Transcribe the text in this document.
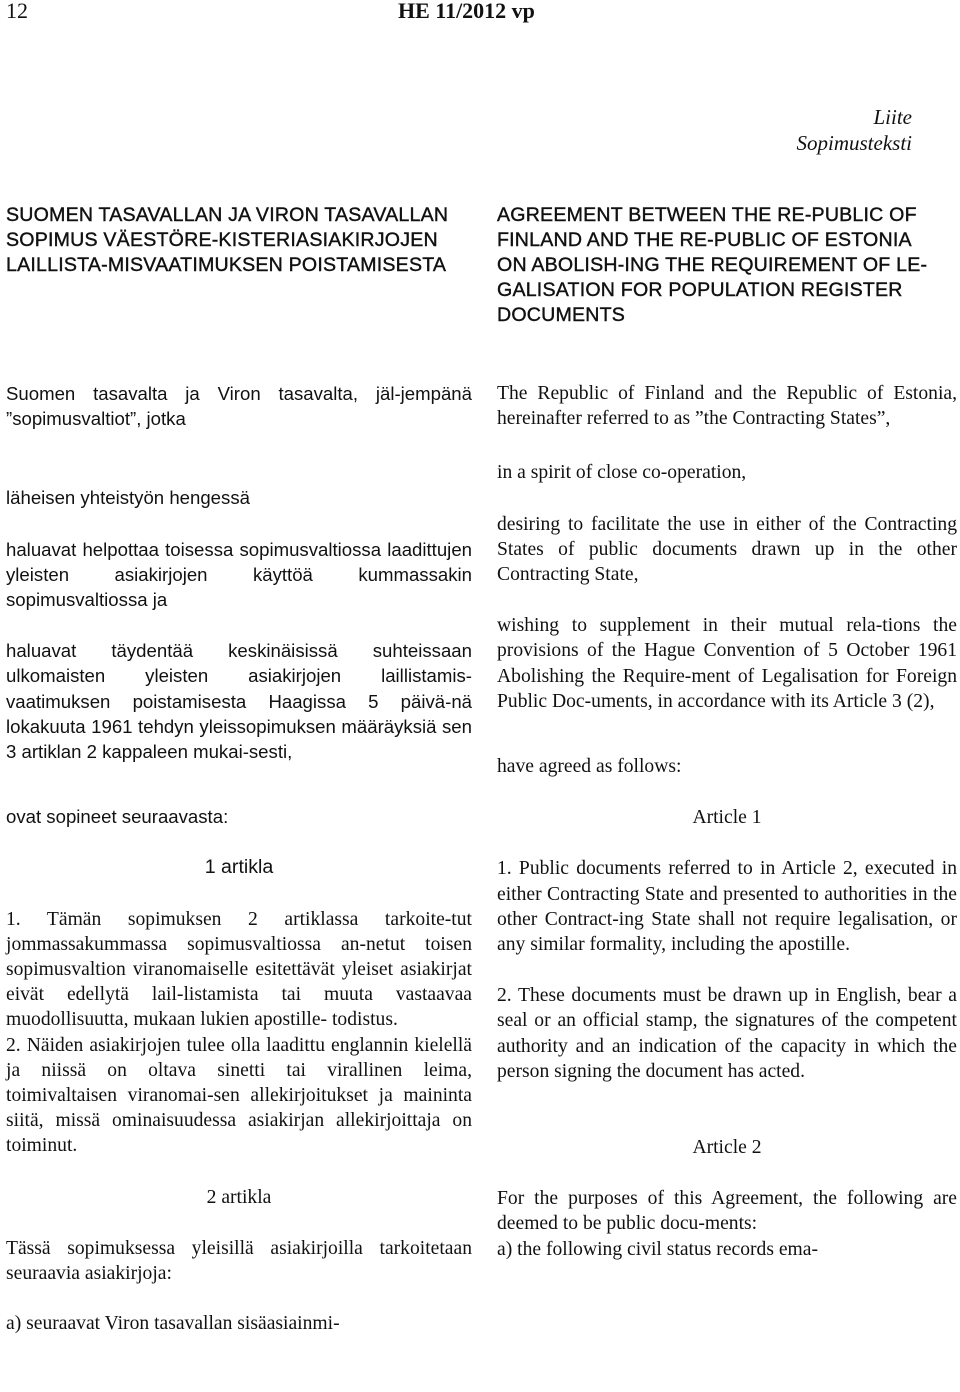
12	HE 11/2012 vp
Liite
Sopimusteksti
SUOMEN TASAVALLAN JA VIRON TASAVALLAN SOPIMUS VÄESTÖRE-KISTERIASIAKIRJOJEN LAILLISTA-MISVAATIMUKSEN POISTAMISESTA

Suomen tasavalta ja Viron tasavalta, jäl-jempänä ”sopimusvaltiot”, jotka

läheisen yhteistyön hengessä

haluavat helpottaa toisessa sopimusvaltiossa laadittujen yleisten asiakirjojen käyttöä kummassakin sopimusvaltiossa ja

haluavat täydentää keskinäisissä suhteissaan ulkomaisten yleisten asiakirjojen laillistamis-vaatimuksen poistamisesta Haagissa 5 päivä-nä lokakuuta 1961 tehdyn yleissopimuksen määräyksiä sen 3 artiklan 2 kappaleen mukai-sesti,

ovat sopineet seuraavasta:

1 artikla

1. Tämän sopimuksen 2 artiklassa tarkoite-tut jommassakummassa sopimusvaltiossa an-netut toisen sopimusvaltion viranomaiselle esitettävät yleiset asiakirjat eivät edellytä lail-listamista tai muuta vastaavaa muodollisuutta, mukaan lukien apostille- todistus.

2. Näiden asiakirjojen tulee olla laadittu englannin kielellä ja niissä on oltava sinetti tai virallinen leima, toimivaltaisen viranomai-sen allekirjoitukset ja maininta siitä, missä ominaisuudessa asiakirjan allekirjoittaja on toiminut.

2 artikla

Tässä sopimuksessa yleisillä asiakirjoilla tarkoitetaan seuraavia asiakirjoja:

a) seuraavat Viron tasavallan sisäasiainmi-

AGREEMENT BETWEEN THE RE-PUBLIC OF FINLAND AND THE RE-PUBLIC OF ESTONIA ON ABOLISH-ING THE REQUIREMENT OF LE-GALISATION FOR POPULATION REGISTER DOCUMENTS

The Republic of Finland and the Republic of Estonia, hereinafter referred to as ”the Contracting States”,

in a spirit of close co-operation,

desiring to facilitate the use in either of the Contracting States of public documents drawn up in the other Contracting State,

wishing to supplement in their mutual rela-tions the provisions of the Hague Convention of 5 October 1961 Abolishing the Require-ment of Legalisation for Foreign Public Doc-uments, in accordance with its Article 3 (2),

have agreed as follows:

Article 1

1. Public documents referred to in Article 2, executed in either Contracting State and presented to authorities in the other Contract-ing State shall not require legalisation, or any similar formality, including the apostille.

2. These documents must be drawn up in English, bear a seal or an official stamp, the signatures of the competent authority and an indication of the capacity in which the person signing the document has acted.

Article 2

For the purposes of this Agreement, the following are deemed to be public docu-ments:

a) the following civil status records ema-
